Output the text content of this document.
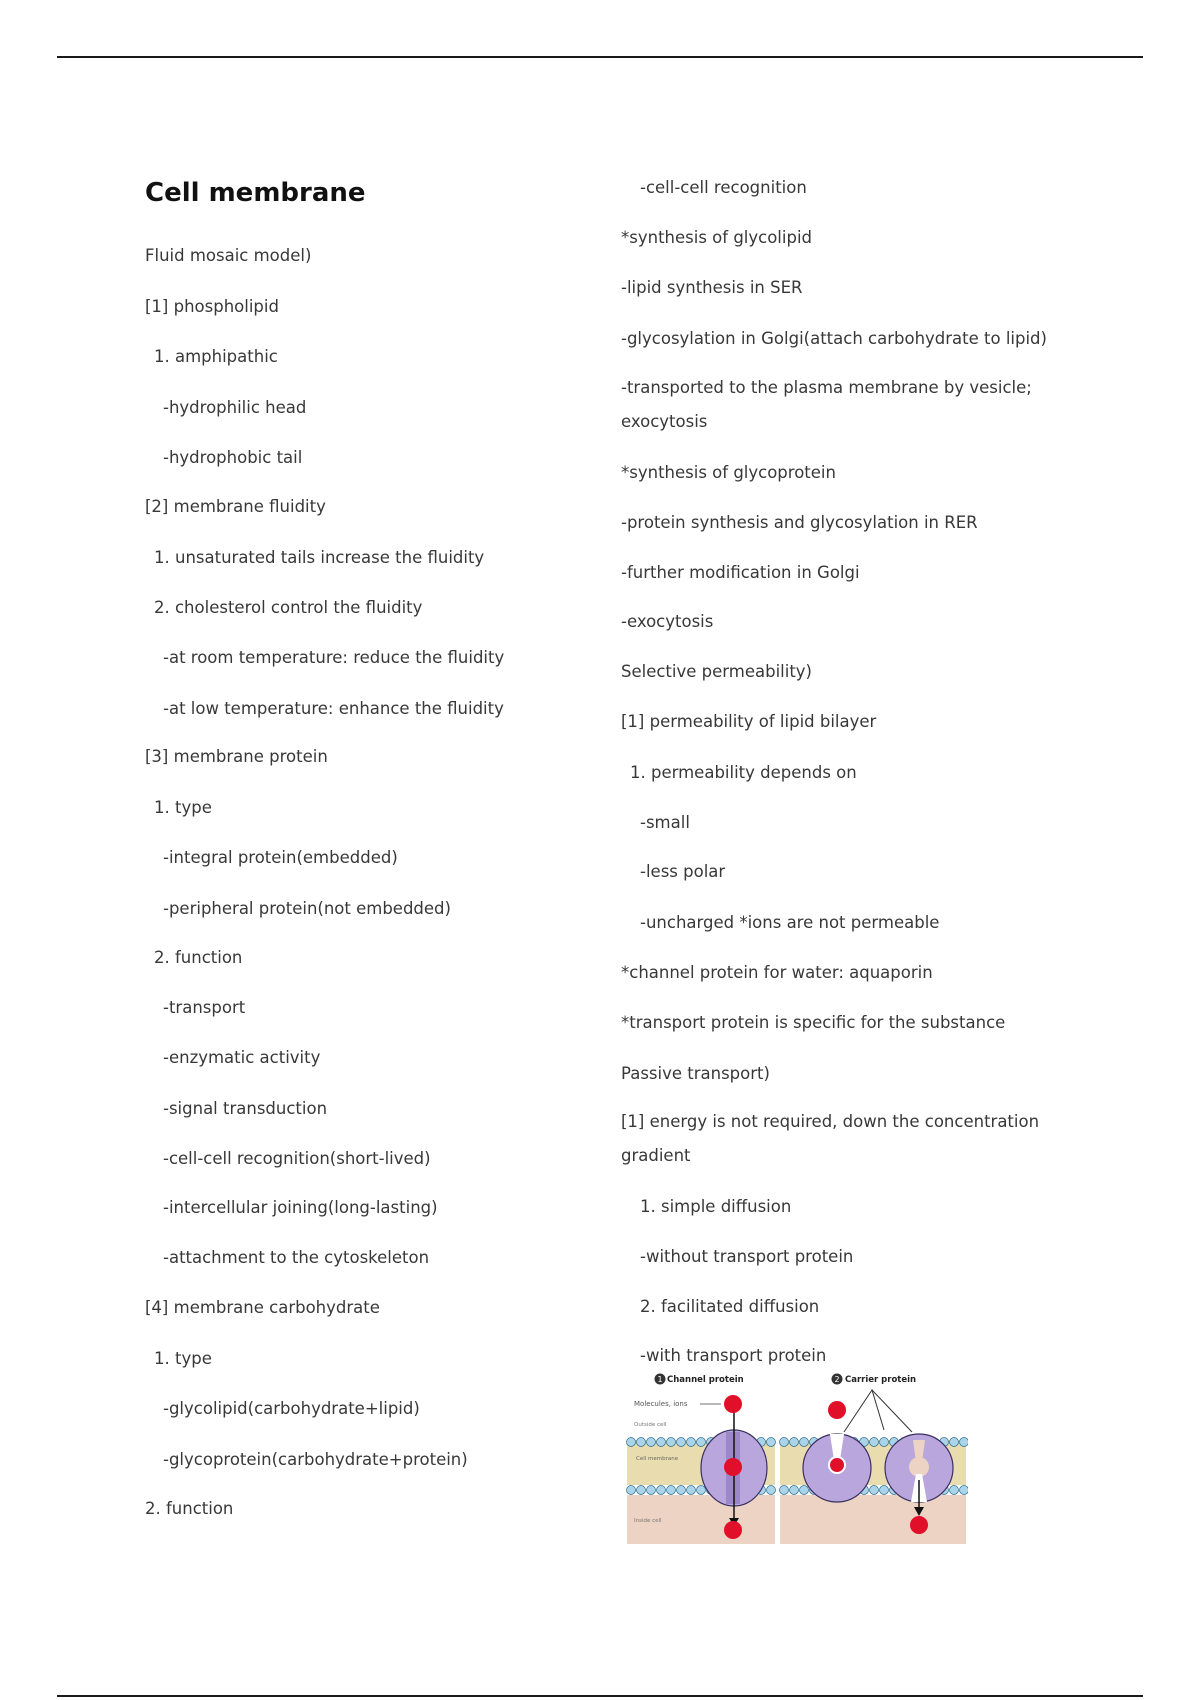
Cell membrane
Fluid mosaic model)
[1] phospholipid
1. amphipathic
-hydrophilic head
-hydrophobic tail
[2] membrane fluidity
1. unsaturated tails increase the fluidity
2. cholesterol control the fluidity
-at room temperature: reduce the fluidity
-at low temperature: enhance the fluidity
[3] membrane protein
1. type
-integral protein(embedded)
-peripheral protein(not embedded)
2. function
-transport
-enzymatic activity
-signal transduction
-cell-cell recognition(short-lived)
-intercellular joining(long-lasting)
-attachment to the cytoskeleton
[4] membrane carbohydrate
1. type
-glycolipid(carbohydrate+lipid)
-glycoprotein(carbohydrate+protein)
2. function
-cell-cell recognition
*synthesis of glycolipid
-lipid synthesis in SER
-glycosylation in Golgi(attach carbohydrate to lipid)
-transported to the plasma membrane by vesicle;
exocytosis
*synthesis of glycoprotein
-protein synthesis and glycosylation in RER
-further modification in Golgi
-exocytosis
Selective permeability)
[1] permeability of lipid bilayer
1. permeability depends on
-small
-less polar
-uncharged *ions are not permeable
*channel protein for water: aquaporin
*transport protein is specific for the substance
Passive transport)
[1] energy is not required, down the concentration
gradient
1. simple diffusion
-without transport protein
2. facilitated diffusion
-with transport protein
Channel protein
1
Molecules, ions
Outside cell
Cell membrane
Inside cell
2 Carrier protein
